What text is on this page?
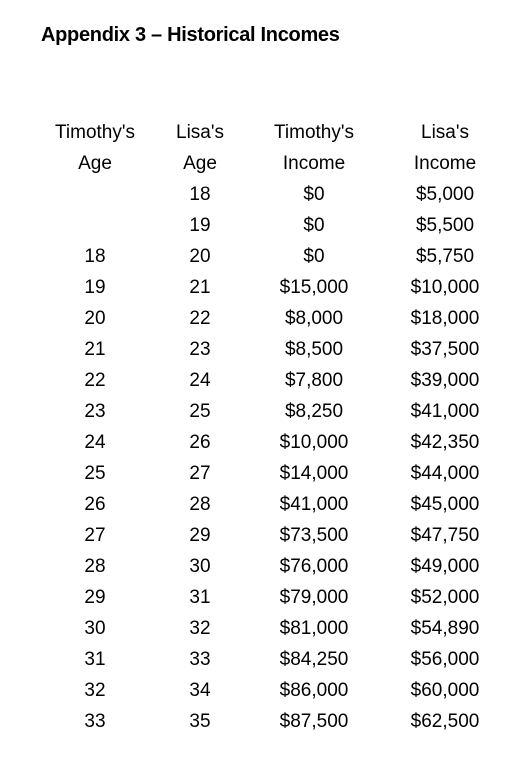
Appendix 3 – Historical Incomes
Timothy's	Lisa's	Timothy's	Lisa's
Age	Age	Income	Income
	18	$0	$5,000
	19	$0	$5,500
18	20	$0	$5,750
19	21	$15,000	$10,000
20	22	$8,000	$18,000
21	23	$8,500	$37,500
22	24	$7,800	$39,000
23	25	$8,250	$41,000
24	26	$10,000	$42,350
25	27	$14,000	$44,000
26	28	$41,000	$45,000
27	29	$73,500	$47,750
28	30	$76,000	$49,000
29	31	$79,000	$52,000
30	32	$81,000	$54,890
31	33	$84,250	$56,000
32	34	$86,000	$60,000
33	35	$87,500	$62,500
